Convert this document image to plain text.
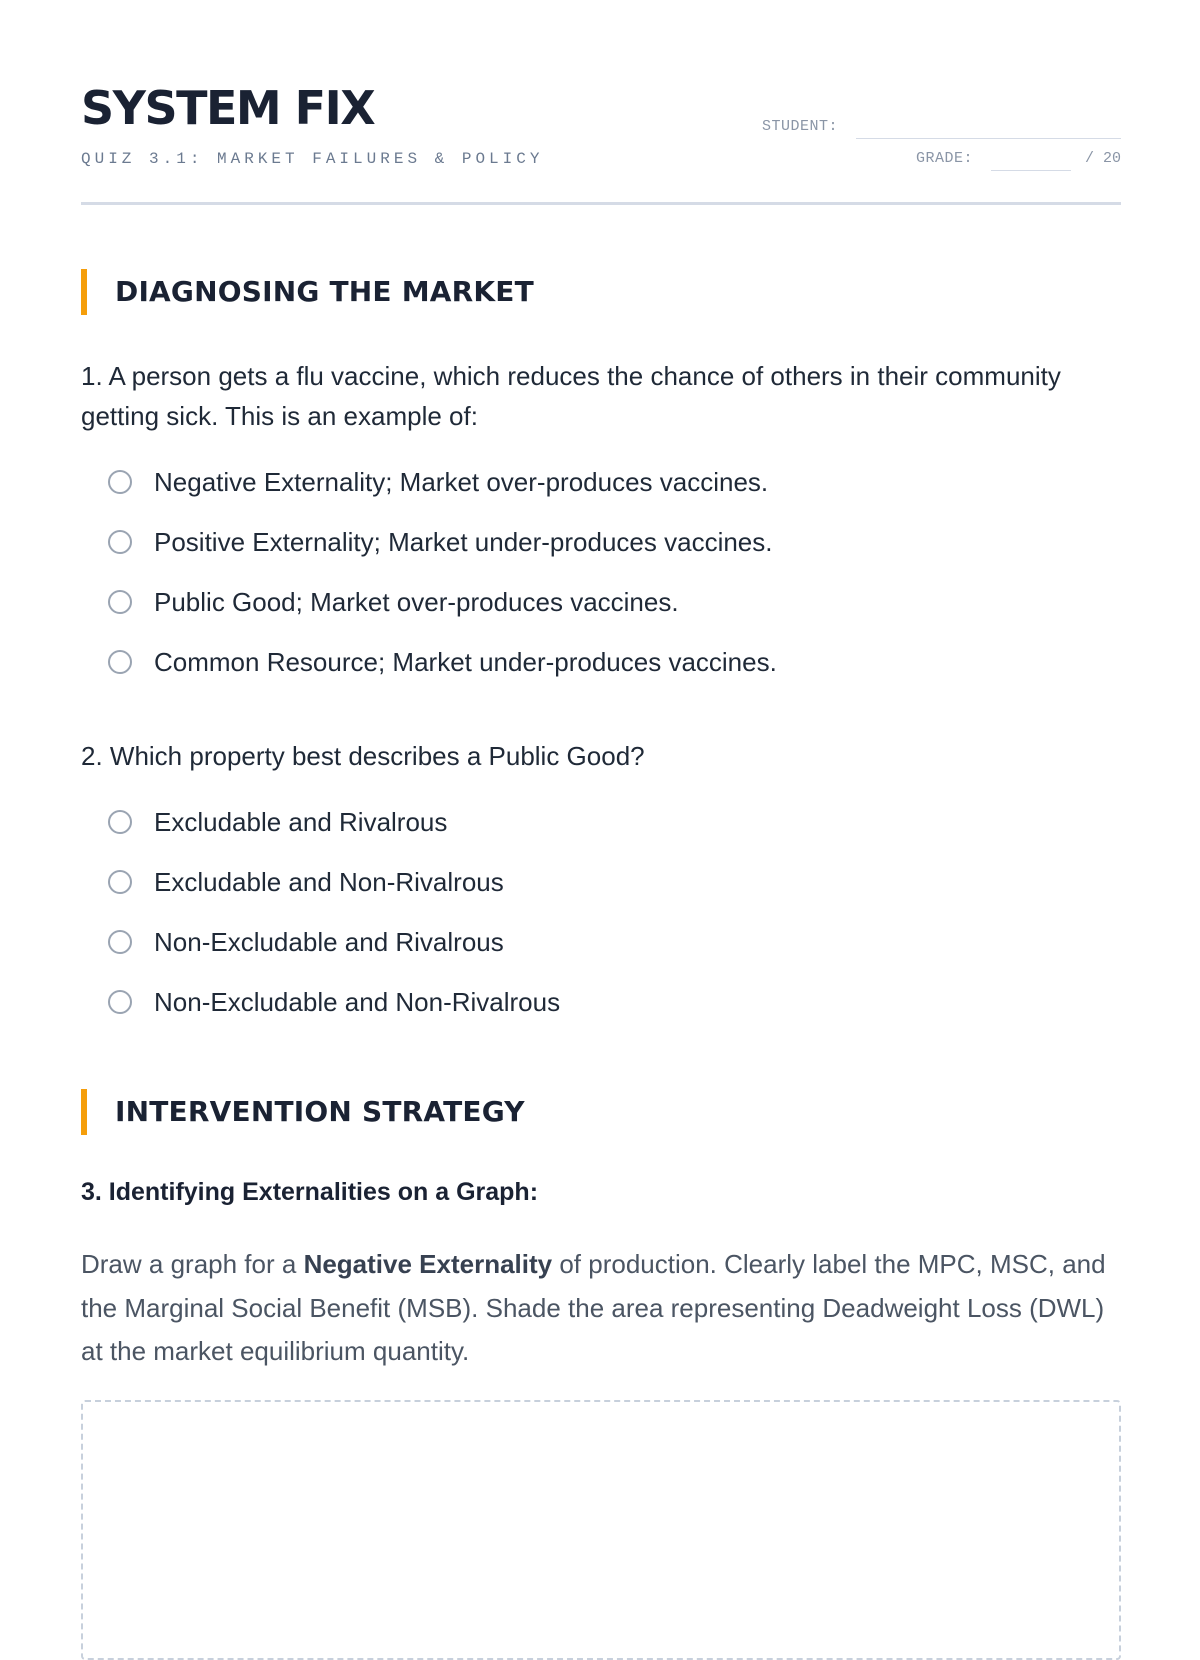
SYSTEM FIX
QUIZ 3.1: MARKET FAILURES & POLICY
STUDENT:
GRADE:	/ 20
DIAGNOSING THE MARKET
1. A person gets a flu vaccine, which reduces the chance of others in their community getting sick. This is an example of:
Negative Externality; Market over-produces vaccines.
Positive Externality; Market under-produces vaccines.
Public Good; Market over-produces vaccines.
Common Resource; Market under-produces vaccines.
2. Which property best describes a Public Good?
Excludable and Rivalrous
Excludable and Non-Rivalrous
Non-Excludable and Rivalrous
Non-Excludable and Non-Rivalrous
INTERVENTION STRATEGY
3. Identifying Externalities on a Graph:
Draw a graph for a Negative Externality of production. Clearly label the MPC, MSC, and the Marginal Social Benefit (MSB). Shade the area representing Deadweight Loss (DWL) at the market equilibrium quantity.
